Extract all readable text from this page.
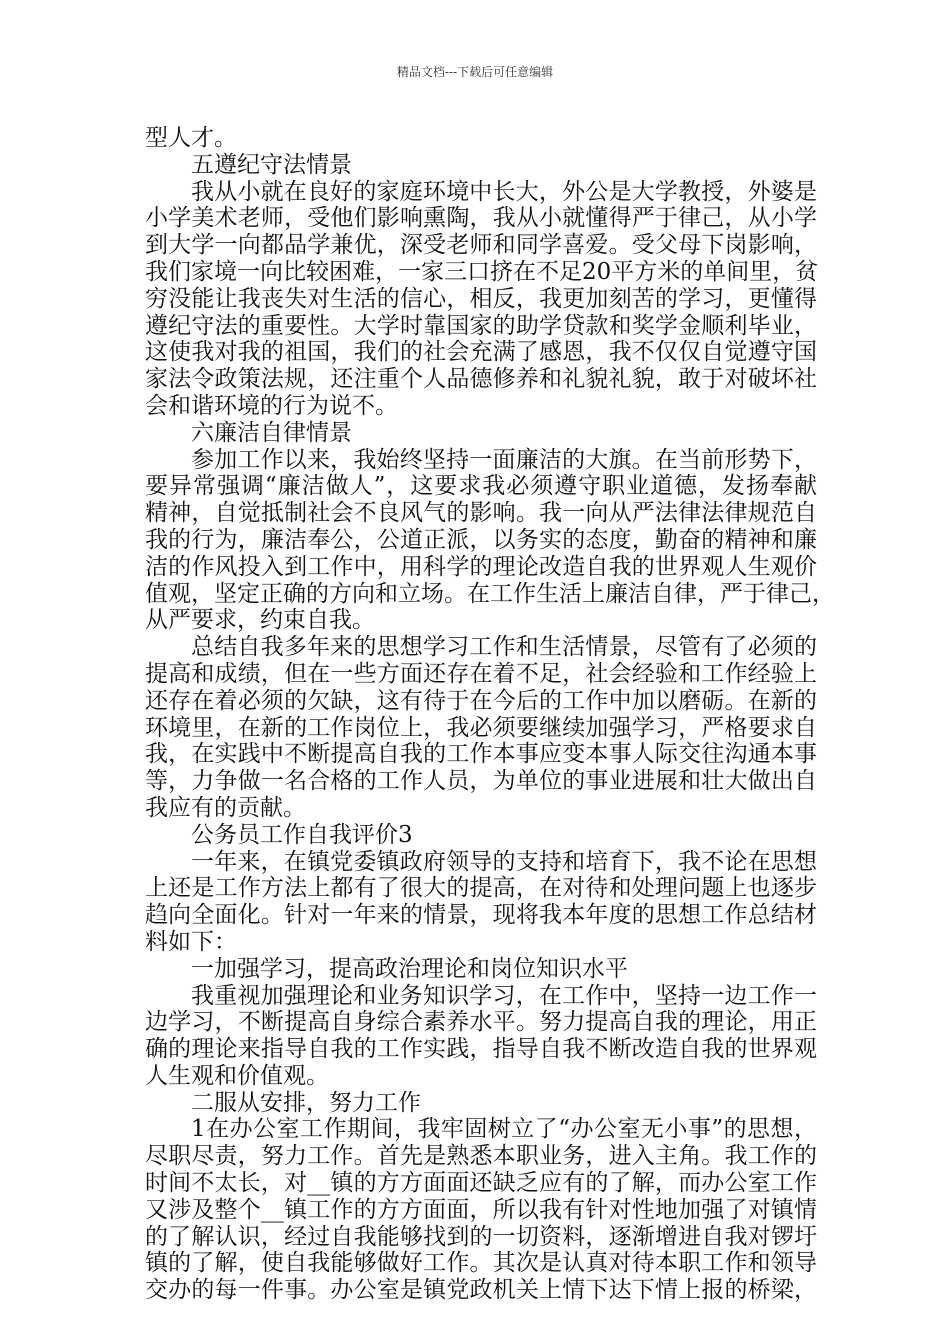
精品文档---下载后可任意编辑
型人才。
五遵纪守法情景
我从小就在良好的家庭环境中长大，外公是大学教授，外婆是
小学美术老师，受他们影响熏陶，我从小就懂得严于律己，从小学
到大学一向都品学兼优，深受老师和同学喜爱。受父母下岗影响，
我们家境一向比较困难，一家三口挤在不足20平方米的单间里，贫
穷没能让我丧失对生活的信心，相反，我更加刻苦的学习，更懂得
遵纪守法的重要性。大学时靠国家的助学贷款和奖学金顺利毕业，
这使我对我的祖国，我们的社会充满了感恩，我不仅仅自觉遵守国
家法令政策法规，还注重个人品德修养和礼貌礼貌，敢于对破坏社
会和谐环境的行为说不。
六廉洁自律情景
参加工作以来，我始终坚持一面廉洁的大旗。在当前形势下，
要异常强调“廉洁做人”，这要求我必须遵守职业道德，发扬奉献
精神，自觉抵制社会不良风气的影响。我一向从严法律法律规范自
我的行为，廉洁奉公，公道正派，以务实的态度，勤奋的精神和廉
洁的作风投入到工作中，用科学的理论改造自我的世界观人生观价
值观，坚定正确的方向和立场。在工作生活上廉洁自律，严于律己，
从严要求，约束自我。
总结自我多年来的思想学习工作和生活情景，尽管有了必须的
提高和成绩，但在一些方面还存在着不足，社会经验和工作经验上
还存在着必须的欠缺，这有待于在今后的工作中加以磨砺。在新的
环境里，在新的工作岗位上，我必须要继续加强学习，严格要求自
我，在实践中不断提高自我的工作本事应变本事人际交往沟通本事
等，力争做一名合格的工作人员，为单位的事业进展和壮大做出自
我应有的贡献。
公务员工作自我评价3
一年来，在镇党委镇政府领导的支持和培育下，我不论在思想
上还是工作方法上都有了很大的提高，在对待和处理问题上也逐步
趋向全面化。针对一年来的情景，现将我本年度的思想工作总结材
料如下：
一加强学习，提高政治理论和岗位知识水平
我重视加强理论和业务知识学习，在工作中，坚持一边工作一
边学习，不断提高自身综合素养水平。努力提高自我的理论，用正
确的理论来指导自我的工作实践，指导自我不断改造自我的世界观
人生观和价值观。
二服从安排，努力工作
1在办公室工作期间，我牢固树立了“办公室无小事”的思想，
尽职尽责，努力工作。首先是熟悉本职业务，进入主角。我工作的
时间不太长，对__镇的方方面面还缺乏应有的了解，而办公室工作
又涉及整个__镇工作的方方面面，所以我有针对性地加强了对镇情
的了解认识，经过自我能够找到的一切资料，逐渐增进自我对锣圩
镇的了解，使自我能够做好工作。其次是认真对待本职工作和领导
交办的每一件事。办公室是镇党政机关上情下达下情上报的桥梁，
